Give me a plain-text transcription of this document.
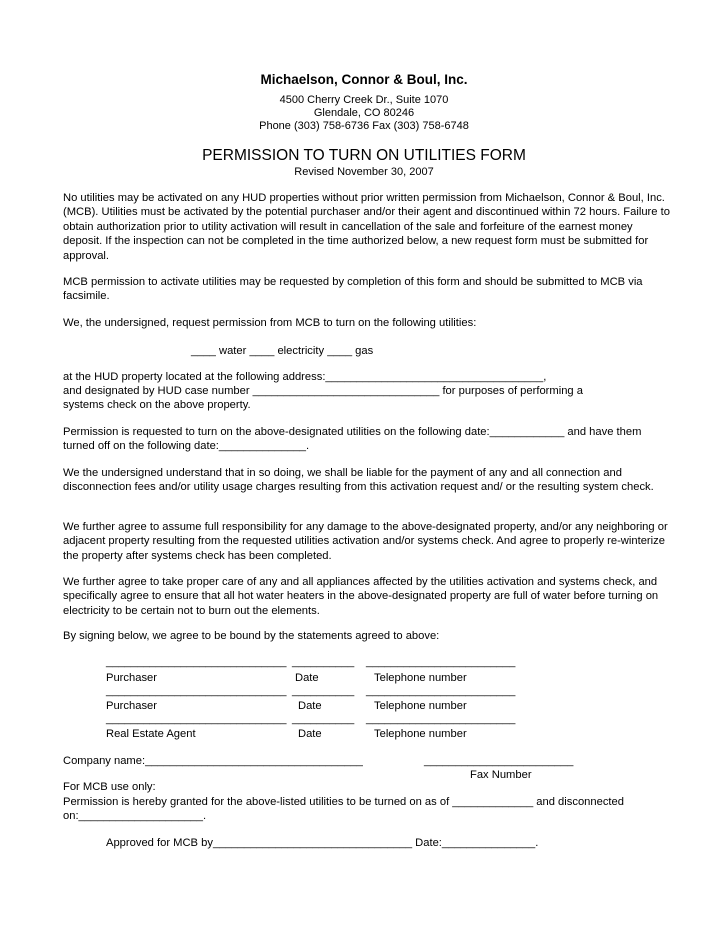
Michaelson, Connor & Boul, Inc.
4500 Cherry Creek Dr., Suite 1070
Glendale, CO 80246
Phone (303) 758-6736 Fax (303) 758-6748
PERMISSION TO TURN ON UTILITIES FORM
Revised November 30, 2007
No utilities may be activated on any HUD properties without prior written permission from Michaelson, Connor & Boul, Inc. (MCB). Utilities must be activated by the potential purchaser and/or their agent and discontinued within 72 hours. Failure to obtain authorization prior to utility activation will result in cancellation of the sale and forfeiture of the earnest money deposit. If the inspection can not be completed in the time authorized below, a new request form must be submitted for approval.
MCB permission to activate utilities may be requested by completion of this form and should be submitted to MCB via facsimile.
We, the undersigned, request permission from MCB to turn on the following utilities:
____ water ____ electricity ____ gas
at the HUD property located at the following address:___________________________________,
and designated by HUD case number ______________________________ for purposes of performing a
systems check on the above property.
Permission is requested to turn on the above-designated utilities on the following date:____________ and have them turned off on the following date:______________.
We the undersigned understand that in so doing, we shall be liable for the payment of any and all connection and disconnection fees and/or utility usage charges resulting from this activation request and/ or the resulting system check.
We further agree to assume full responsibility for any damage to the above-designated property, and/or any neighboring or adjacent property resulting from the requested utilities activation and/or systems check. And agree to properly re-winterize the property after systems check has been completed.
We further agree to take proper care of any and all appliances affected by the utilities activation and systems check, and specifically agree to ensure that all hot water heaters in the above-designated property are full of water before turning on electricity to be certain not to burn out the elements.
By signing below, we agree to be bound by the statements agreed to above:
_____________________________ __________ ________________________
Purchaser	Date	Telephone number
_____________________________ __________ ________________________
Purchaser	Date	Telephone number
_____________________________ __________ ________________________
Real Estate Agent	Date	Telephone number
Company name:___________________________________	________________________
Fax Number
For MCB use only:
Permission is hereby granted for the above-listed utilities to be turned on as of _____________ and disconnected
on:____________________.
Approved for MCB by________________________________ Date:_______________.
